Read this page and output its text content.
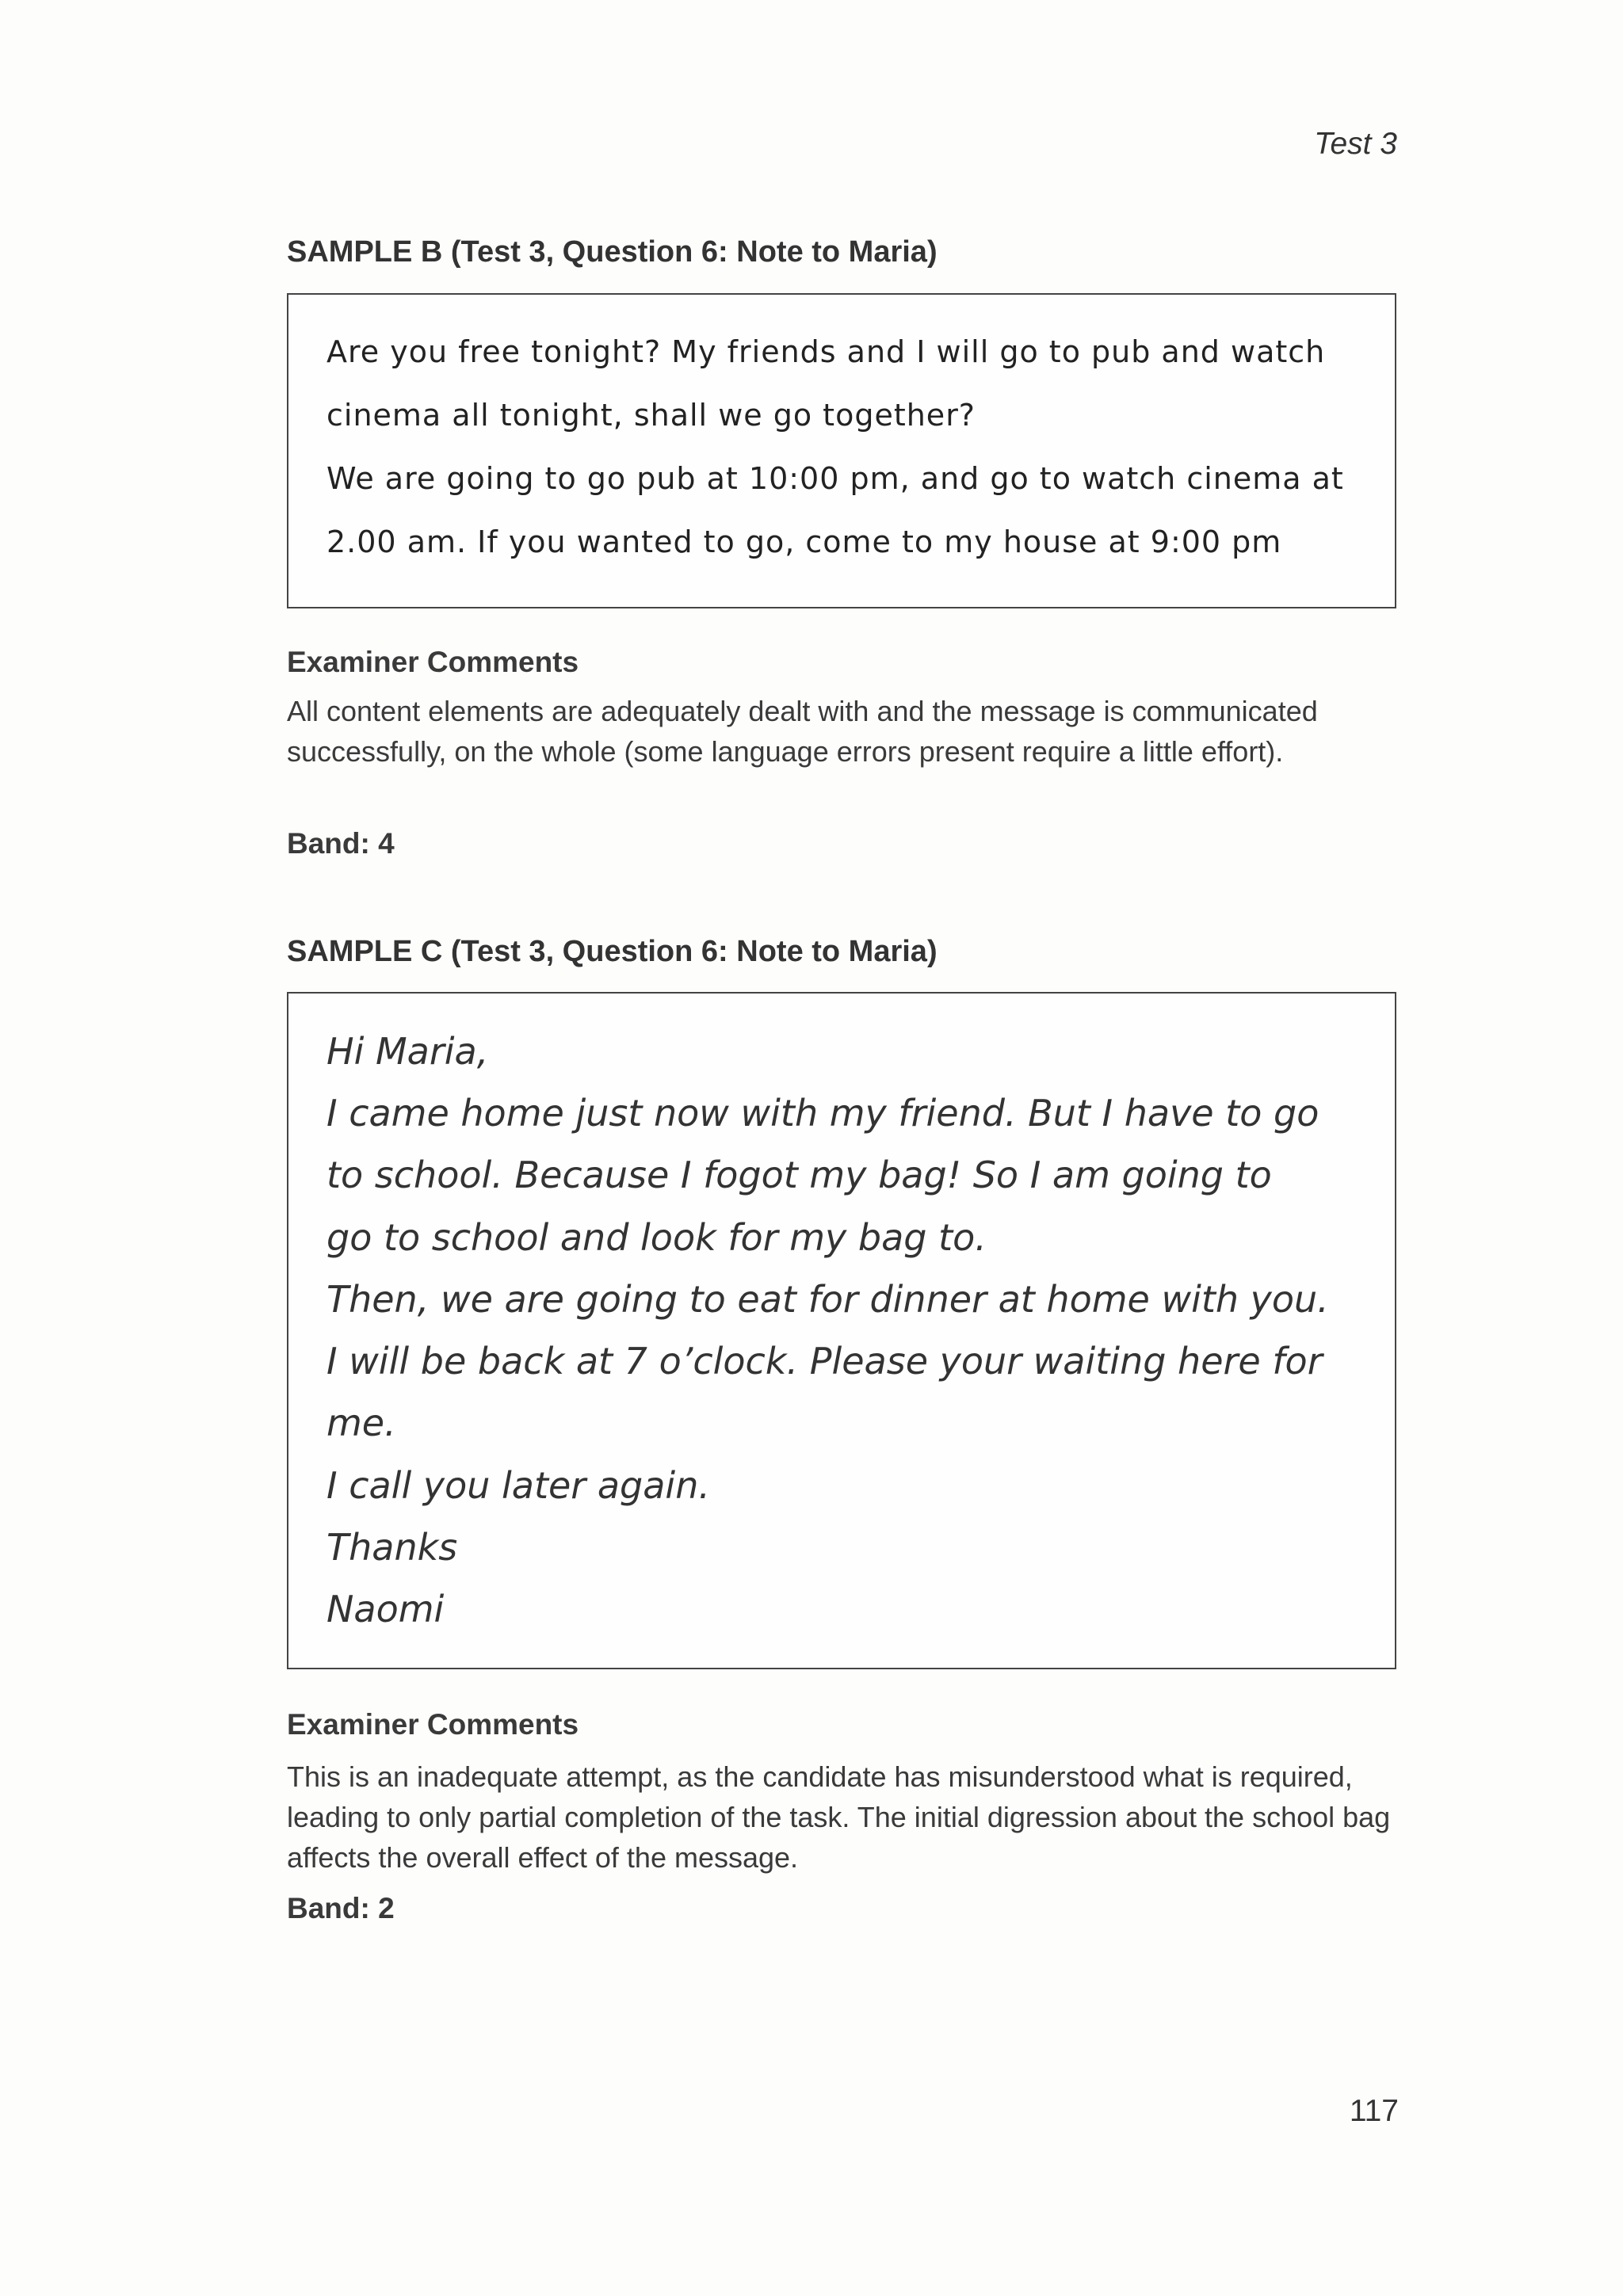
Test 3
SAMPLE B (Test 3, Question 6: Note to Maria)
Are you free tonight? My friends and I will go to pub and watch
cinema all tonight, shall we go together?
We are going to go pub at 10:00 pm, and go to watch cinema at
2.00 am. If you wanted to go, come to my house at 9:00 pm
Examiner Comments
All content elements are adequately dealt with and the message is communicated successfully, on the whole (some language errors present require a little effort).
Band: 4
SAMPLE C (Test 3, Question 6: Note to Maria)
Hi Maria,
I came home just now with my friend. But I have to go
to school. Because I fogot my bag! So I am going to
go to school and look for my bag to.
Then, we are going to eat for dinner at home with you.
I will be back at 7 o’clock. Please your waiting here for
me.
I call you later again.
Thanks
Naomi
Examiner Comments
This is an inadequate attempt, as the candidate has misunderstood what is required, leading to only partial completion of the task. The initial digression about the school bag affects the overall effect of the message.
Band: 2
117
